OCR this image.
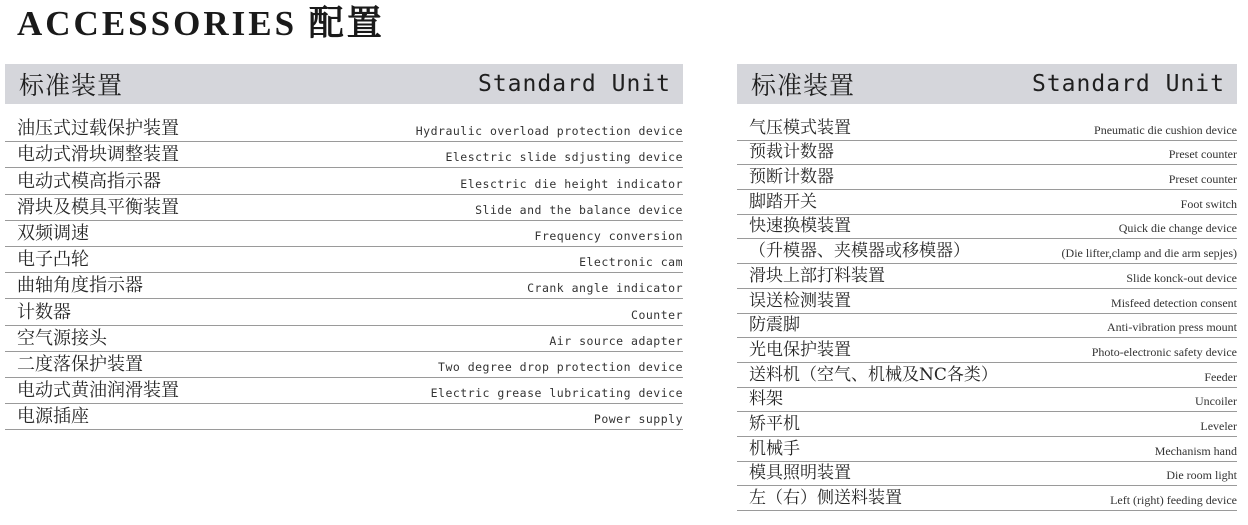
ACCESSORIES 配置
标准装置	Standard Unit
油压式过载保护装置	Hydraulic overload protection device
电动式滑块调整装置	Elesctric slide sdjusting device
电动式模高指示器	Elesctric die height indicator
滑块及模具平衡装置	Slide and the balance device
双频调速	Frequency conversion
电子凸轮	Electronic cam
曲轴角度指示器	Crank angle indicator
计数器	Counter
空气源接头	Air source adapter
二度落保护装置	Two degree drop protection device
电动式黄油润滑装置	Electric grease lubricating device
电源插座	Power supply
标准装置	Standard Unit
气压模式装置	Pneumatic die cushion device
预裁计数器	Preset counter
预断计数器	Preset counter
脚踏开关	Foot switch
快速换模装置	Quick die change device
（升模器、夹模器或移模器）	(Die lifter,clamp and die arm sepjes)
滑块上部打料装置	Slide konck-out device
误送检测装置	Misfeed detection consent
防震脚	Anti-vibration press mount
光电保护装置	Photo-electronic safety device
送料机（空气、机械及NC各类）	Feeder
料架	Uncoiler
矫平机	Leveler
机械手	Mechanism hand
模具照明装置	Die room light
左（右）侧送料装置	Left (right) feeding device
